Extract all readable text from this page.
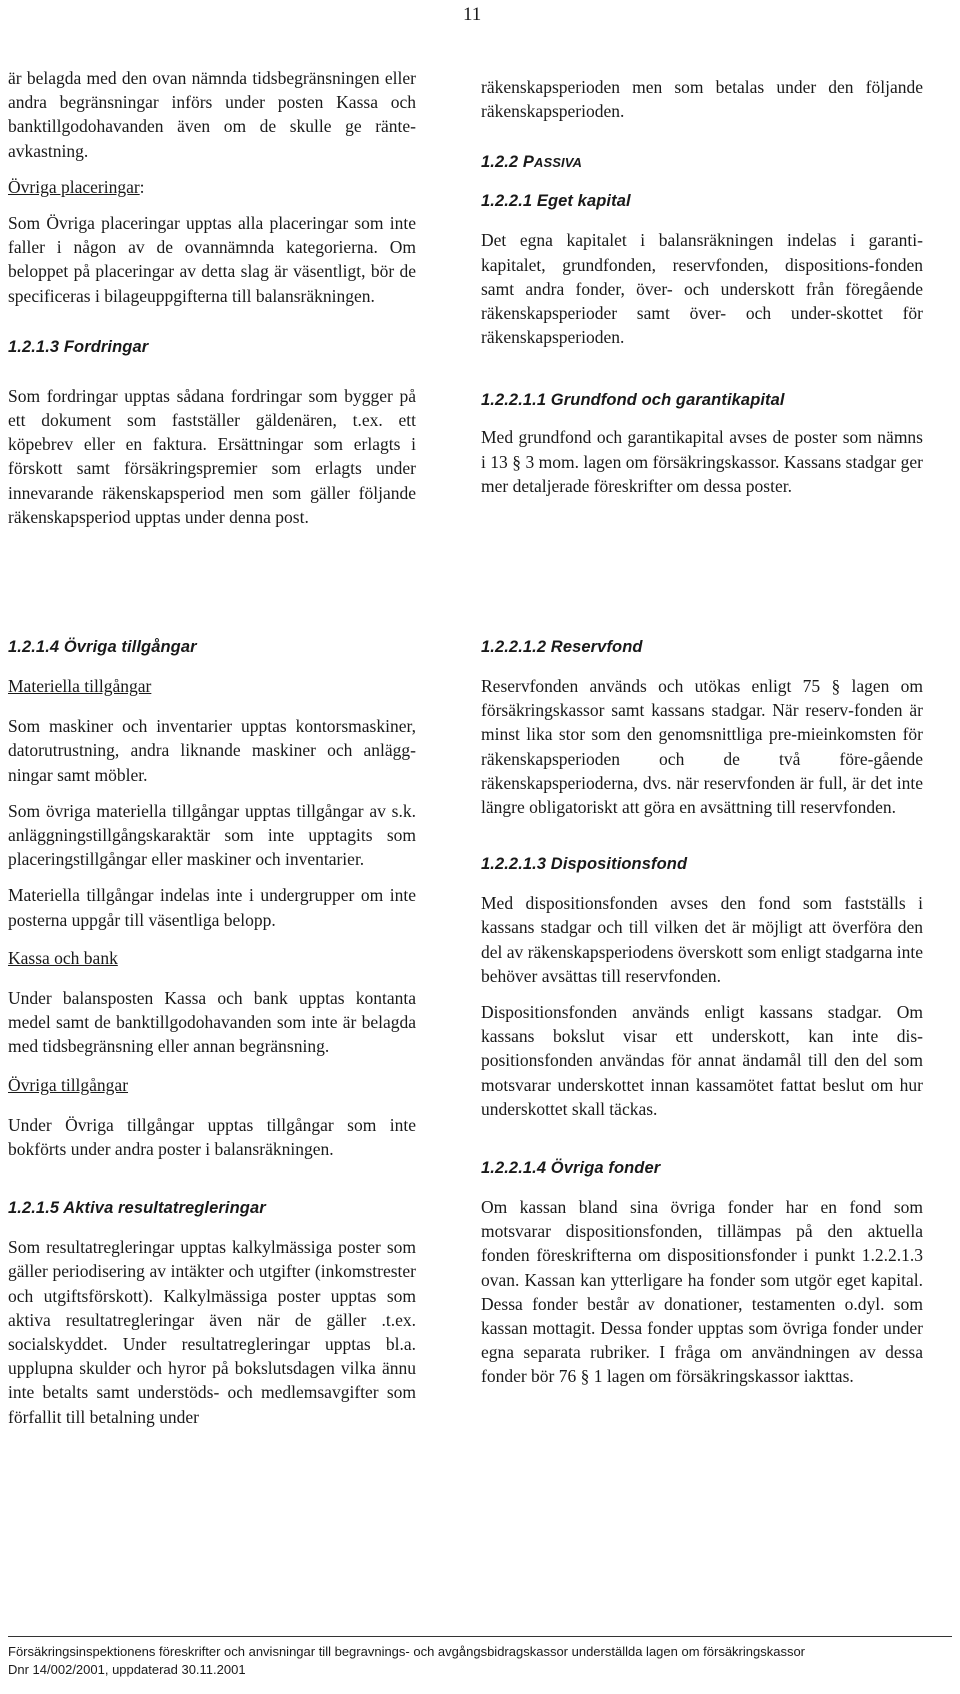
11

är belagda med den ovan nämnda tidsbegränsningen eller andra begränsningar införs under posten Kassa och banktillgodohavanden även om de skulle ge ränte-avkastning.

Övriga placeringar:

Som Övriga placeringar upptas alla placeringar som inte faller i någon av de ovannämnda kategorierna. Om beloppet på placeringar av detta slag är väsentligt, bör de specificeras i bilageuppgifterna till balansräkningen.

1.2.1.3 Fordringar

Som fordringar upptas sådana fordringar som bygger på ett dokument som fastställer gäldenären, t.ex. ett köpebrev eller en faktura. Ersättningar som erlagts i förskott samt försäkringspremier som erlagts under innevarande räkenskapsperiod men som gäller följande räkenskapsperiod upptas under denna post.

räkenskapsperioden men som betalas under den följande räkenskapsperioden.

1.2.2 PASSIVA
1.2.2.1 Eget kapital

Det egna kapitalet i balansräkningen indelas i garanti-kapitalet, grundfonden, reservfonden, dispositions-fonden samt andra fonder, över- och underskott från föregående räkenskapsperioder samt över- och under-skottet för räkenskapsperioden.

1.2.2.1.1 Grundfond och garantikapital

Med grundfond och garantikapital avses de poster som nämns i 13 § 3 mom. lagen om försäkringskassor. Kassans stadgar ger mer detaljerade föreskrifter om dessa poster.

1.2.1.4 Övriga tillgångar
Materiella tillgångar

Som maskiner och inventarier upptas kontorsmaskiner, datorutrustning, andra liknande maskiner och anlägg-ningar samt möbler.

Som övriga materiella tillgångar upptas tillgångar av s.k. anläggningstillgångskaraktär som inte upptagits som placeringstillgångar eller maskiner och inventarier.

Materiella tillgångar indelas inte i undergrupper om inte posterna uppgår till väsentliga belopp.

Kassa och bank

Under balansposten Kassa och bank upptas kontanta medel samt de banktillgodohavanden som inte är belagda med tidsbegränsning eller annan begränsning.

Övriga tillgångar

Under Övriga tillgångar upptas tillgångar som inte bokförts under andra poster i balansräkningen.

1.2.1.5 Aktiva resultatregleringar

Som resultatregleringar upptas kalkylmässiga poster som gäller periodisering av intäkter och utgifter (inkomstrester och utgiftsförskott). Kalkylmässiga poster upptas som aktiva resultatregleringar även när de gäller .t.ex. socialskyddet. Under resultatregleringar upptas bl.a. upplupna skulder och hyror på bokslutsdagen vilka ännu inte betalts samt understöds- och medlemsavgifter som förfallit till betalning under

1.2.2.1.2 Reservfond

Reservfonden används och utökas enligt 75 § lagen om försäkringskassor samt kassans stadgar. När reserv-fonden är minst lika stor som den genomsnittliga pre-mieinkomsten för räkenskapsperioden och de två före-gående räkenskapsperioderna, dvs. när reservfonden är full, är det inte längre obligatoriskt att göra en avsättning till reservfonden.

1.2.2.1.3 Dispositionsfond

Med dispositionsfonden avses den fond som fastställs i kassans stadgar och till vilken det är möjligt att överföra den del av räkenskapsperiodens överskott som enligt stadgarna inte behöver avsättas till reservfonden.

Dispositionsfonden används enligt kassans stadgar. Om kassans bokslut visar ett underskott, kan inte dis-positionsfonden användas för annat ändamål till den del som motsvarar underskottet innan kassamötet fattat beslut om hur underskottet skall täckas.

1.2.2.1.4 Övriga fonder

Om kassan bland sina övriga fonder har en fond som motsvarar dispositionsfonden, tillämpas på den aktuella fonden föreskrifterna om dispositionsfonder i punkt 1.2.2.1.3 ovan. Kassan kan ytterligare ha fonder som utgör eget kapital. Dessa fonder består av donationer, testamenten o.dyl. som kassan mottagit. Dessa fonder upptas som övriga fonder under egna separata rubriker. I fråga om användningen av dessa fonder bör 76 § 1 lagen om försäkringskassor iakttas.

Försäkringsinspektionens föreskrifter och anvisningar till begravnings- och avgångsbidragskassor underställda lagen om försäkringskassor
Dnr 14/002/2001, uppdaterad 30.11.2001
